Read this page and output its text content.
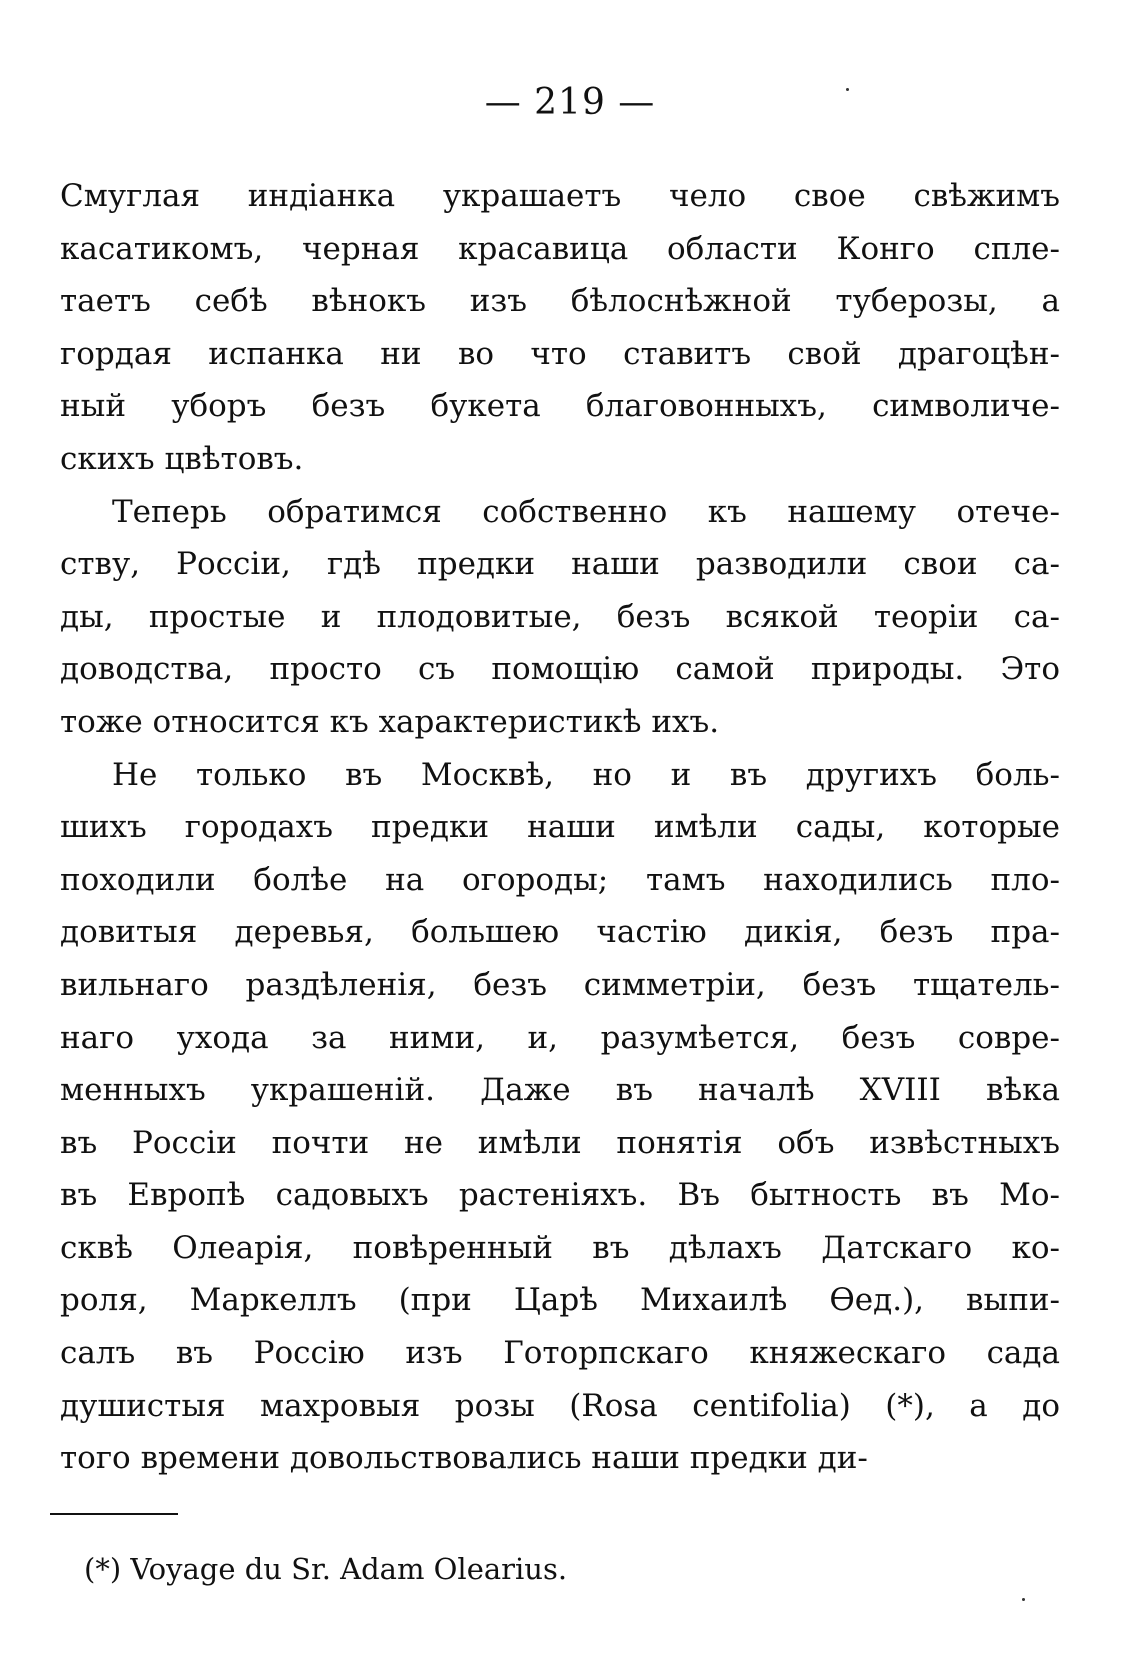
— 219 —

Смуглая индіанка украшаетъ чело свое свѣжимъ
касатикомъ, черная красавица области Конго спле-
таетъ себѣ вѣнокъ изъ бѣлоснѣжной туберозы, а
гордая испанка ни во что ставитъ свой драгоцѣн-
ный уборъ безъ букета благовонныхъ, символиче-
скихъ цвѣтовъ.

Теперь обратимся собственно къ нашему отече-
ству, Россіи, гдѣ предки наши разводили свои са-
ды, простые и плодовитые, безъ всякой теоріи са-
доводства, просто съ помощію самой природы. Это
тоже относится къ характеристикѣ ихъ.

Не только въ Москвѣ, но и въ другихъ боль-
шихъ городахъ предки наши имѣли сады, которые
походили болѣе на огороды; тамъ находились пло-
довитыя деревья, большею частію дикія, безъ пра-
вильнаго раздѣленія, безъ симметріи, безъ тщатель-
наго ухода за ними, и, разумѣется, безъ совре-
менныхъ украшеній. Даже въ началѣ XVIII вѣка
въ Россіи почти не имѣли понятія объ извѣстныхъ
въ Европѣ садовыхъ растеніяхъ. Въ бытность въ Мо-
сквѣ Олеарія, повѣренный въ дѣлахъ Датскаго ко-
роля, Маркеллъ (при Царѣ Михаилѣ Ѳед.), выпи-
салъ въ Россію изъ Готорпскаго княжескаго сада
душистыя махровыя розы (Rosa centifolia) (*), а до
того времени довольствовались наши предки ди-

(*) Voyage du Sr. Adam Olearius.
